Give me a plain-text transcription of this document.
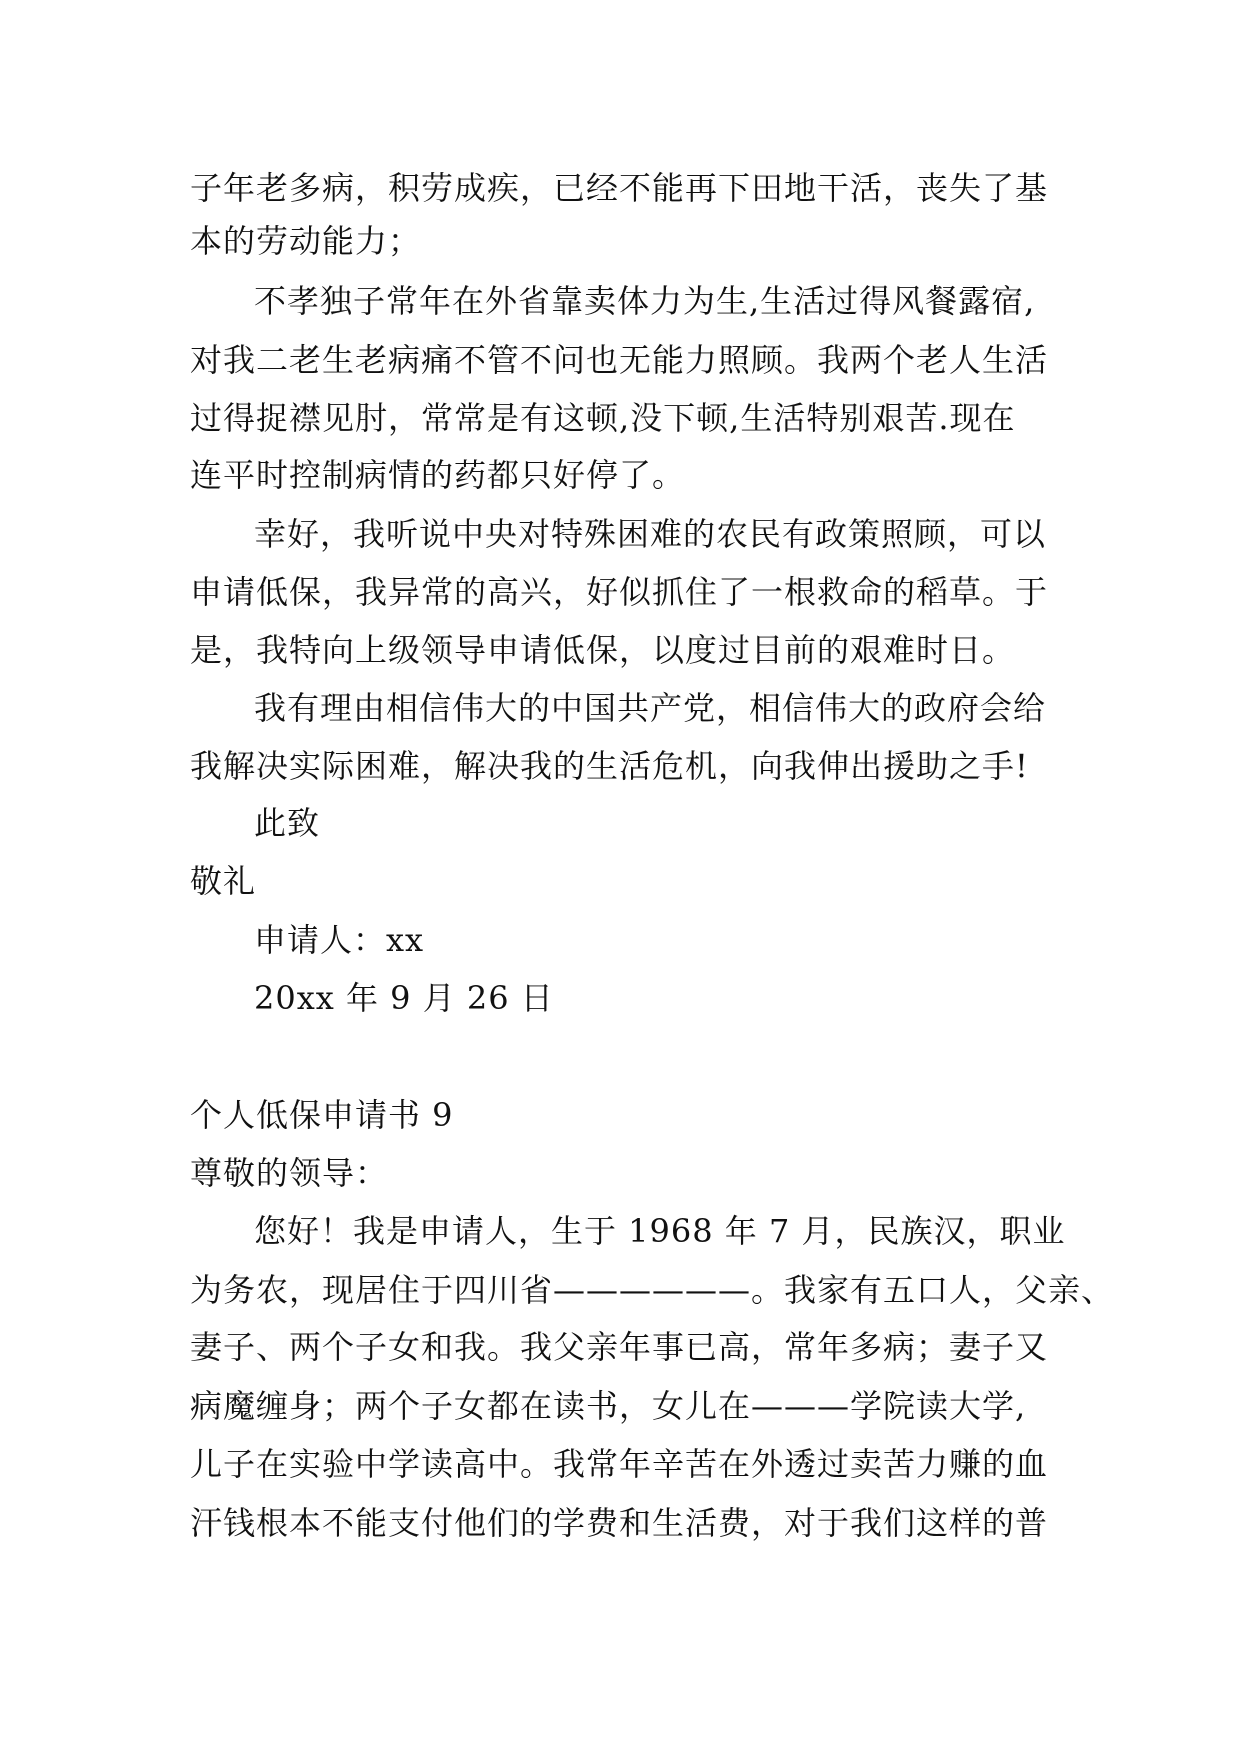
子年老多病，积劳成疾，已经不能再下田地干活，丧失了基
本的劳动能力；
不孝独子常年在外省靠卖体力为生,生活过得风餐露宿,
对我二老生老病痛不管不问也无能力照顾。我两个老人生活
过得捉襟见肘，常常是有这顿,没下顿,生活特别艰苦.现在
连平时控制病情的药都只好停了。
幸好，我听说中央对特殊困难的农民有政策照顾，可以
申请低保，我异常的高兴，好似抓住了一根救命的稻草。于
是，我特向上级领导申请低保，以度过目前的艰难时日。
我有理由相信伟大的中国共产党，相信伟大的政府会给
我解决实际困难，解决我的生活危机，向我伸出援助之手!
此致
敬礼
申请人：xx
20xx 年 9 月 26 日
个人低保申请书 9
尊敬的领导：
您好！我是申请人，生于 1968 年 7 月，民族汉，职业
为务农，现居住于四川省——————。我家有五口人，父亲、
妻子、两个子女和我。我父亲年事已高，常年多病；妻子又
病魔缠身；两个子女都在读书，女儿在———学院读大学,
儿子在实验中学读高中。我常年辛苦在外透过卖苦力赚的血
汗钱根本不能支付他们的学费和生活费，对于我们这样的普
